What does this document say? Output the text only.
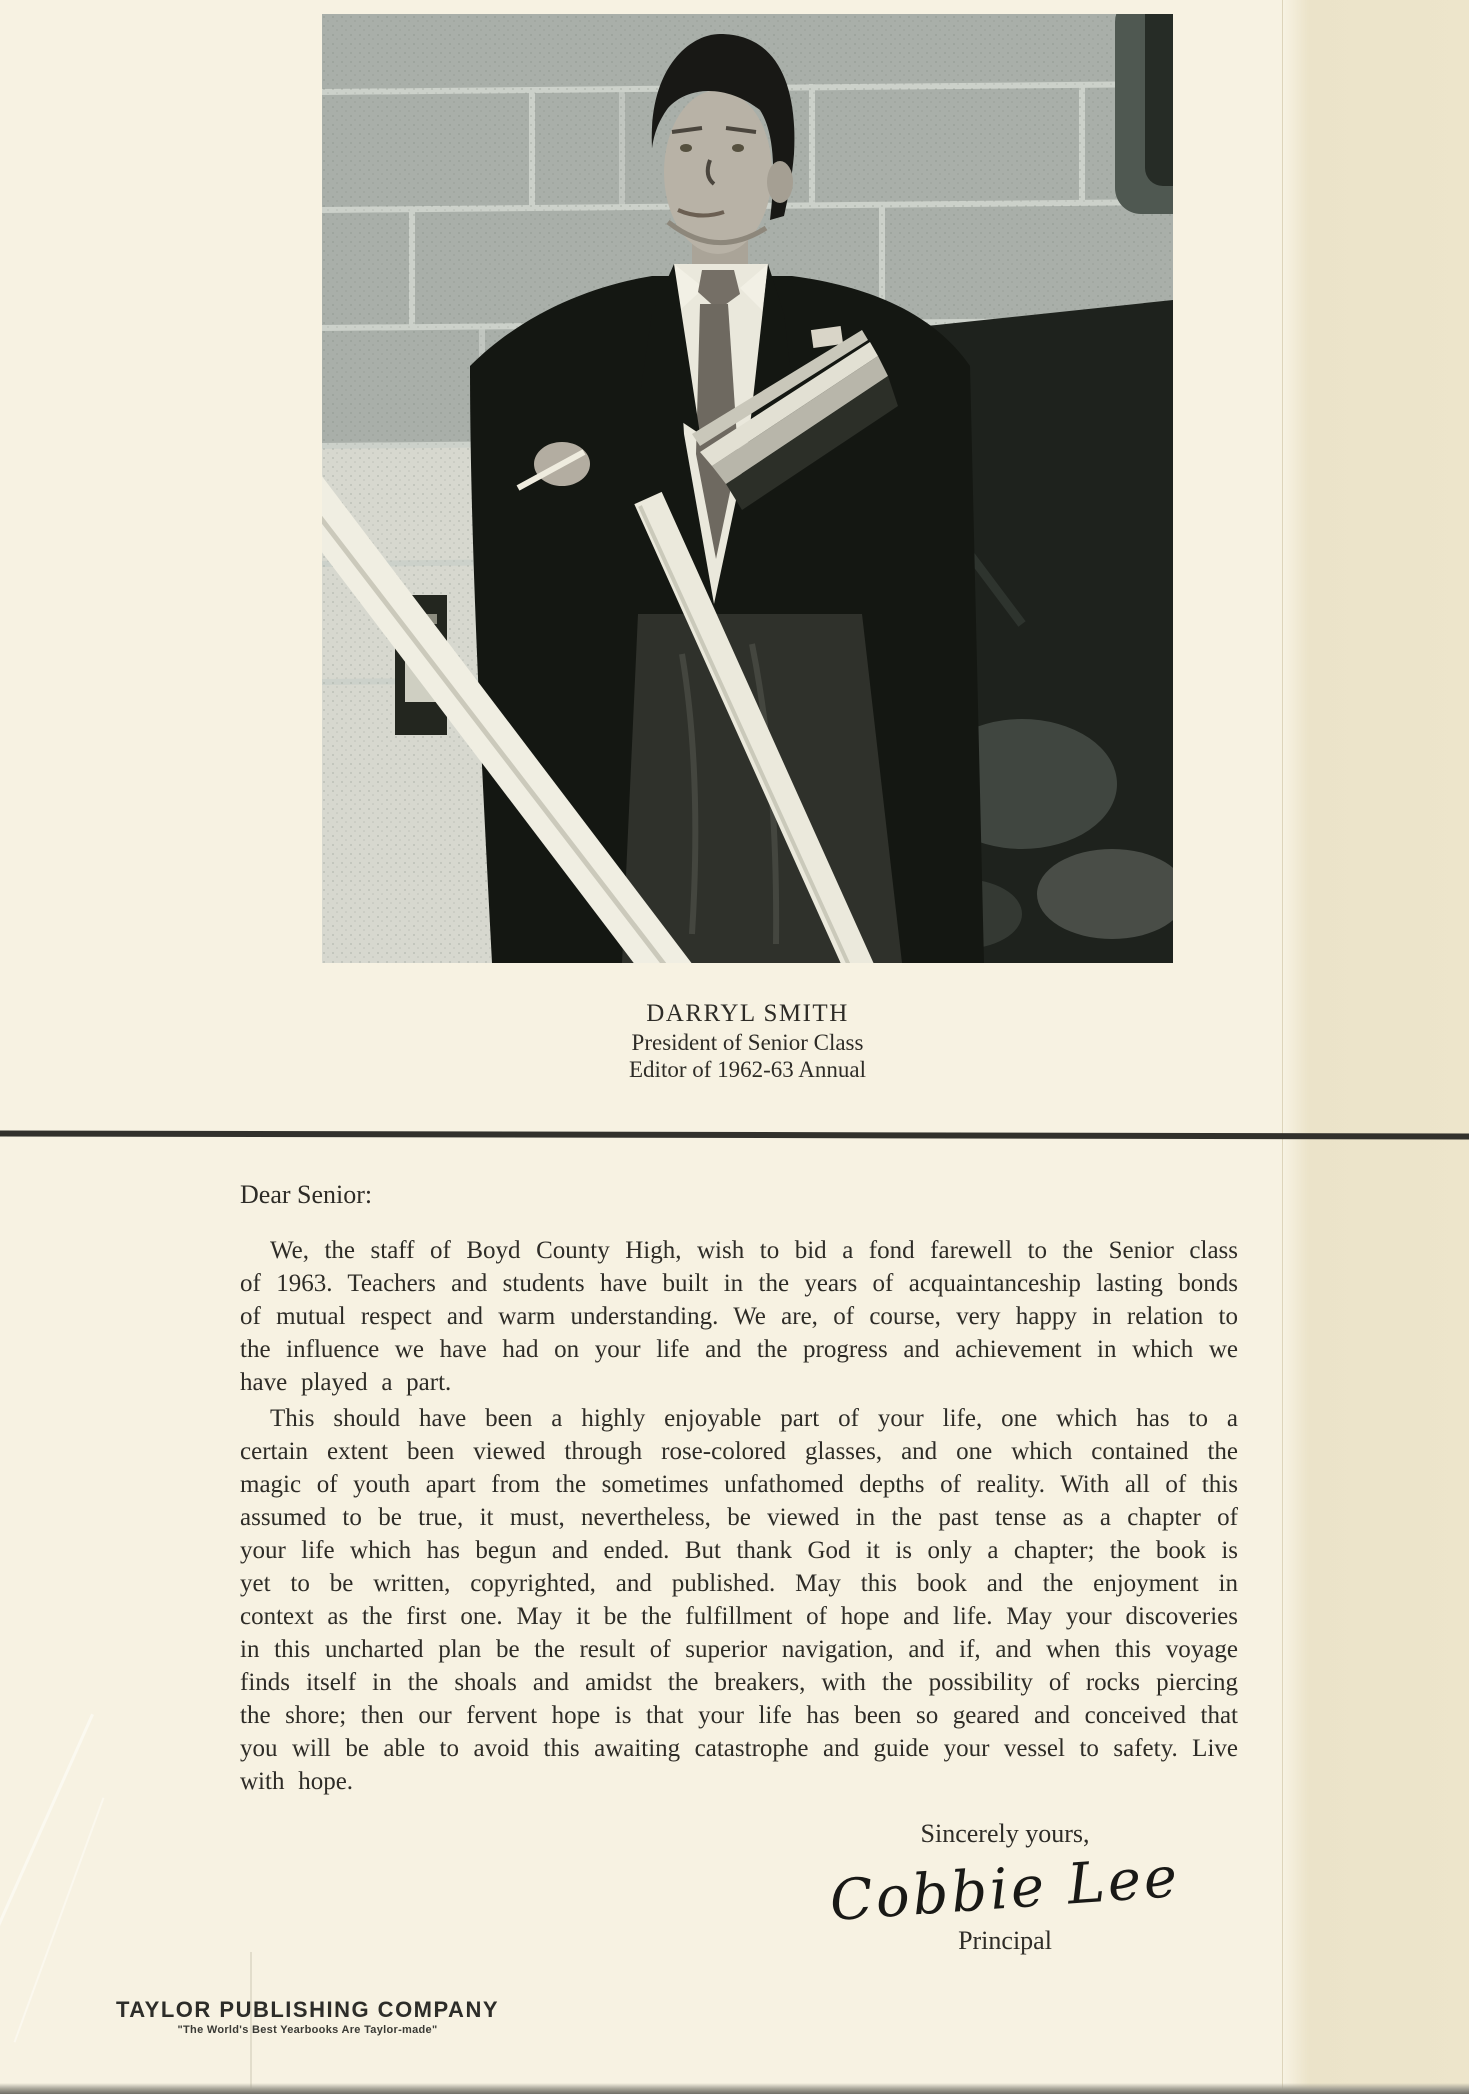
DARRYL SMITH
President of Senior Class
Editor of 1962-63 Annual

Dear Senior:

We, the staff of Boyd County High, wish to bid a fond farewell to the Senior class of 1963. Teachers and students have built in the years of acquaintanceship lasting bonds of mutual respect and warm understanding. We are, of course, very happy in relation to the influence we have had on your life and the progress and achievement in which we have played a part.

This should have been a highly enjoyable part of your life, one which has to a certain extent been viewed through rose-colored glasses, and one which contained the magic of youth apart from the sometimes unfathomed depths of reality. With all of this assumed to be true, it must, nevertheless, be viewed in the past tense as a chapter of your life which has begun and ended. But thank God it is only a chapter; the book is yet to be written, copyrighted, and published. May this book and the enjoyment in context as the first one. May it be the fulfillment of hope and life. May your discoveries in this uncharted plan be the result of superior navigation, and if, and when this voyage finds itself in the shoals and amidst the breakers, with the possibility of rocks piercing the shore; then our fervent hope is that your life has been so geared and conceived that you will be able to avoid this awaiting catastrophe and guide your vessel to safety. Live with hope.

Sincerely yours,
Cobbie Lee
Principal
TAYLOR PUBLISHING COMPANY
"The World's Best Yearbooks Are Taylor-made"
